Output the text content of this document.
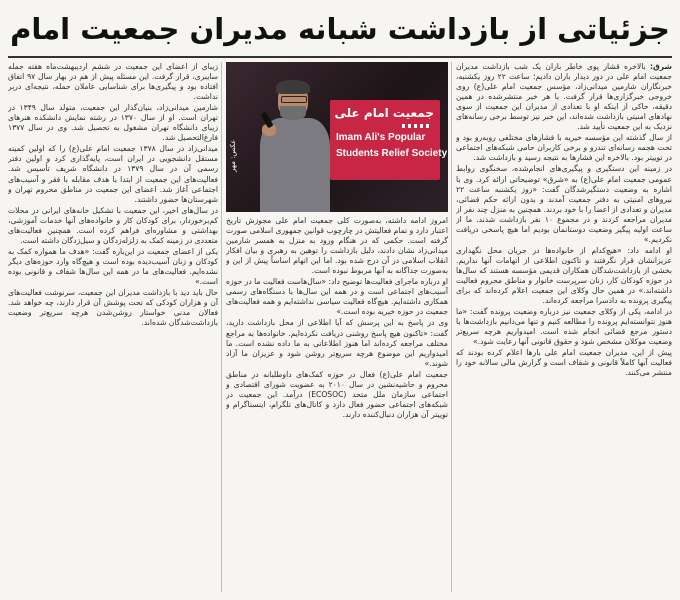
جزئیاتی از بازداشت شبانه مدیران جمعیت امام

شرق: بالاخره قشار پوی خاطر باران یک شب بازداشت مدیران جمعیت امام علی در دور دیدار باران دادیم؛ ساعت ۲۲ روز یکشنبه، خبرنگاران شارمین میدانی‌زاد، مؤسس جمعیت امام علی(ع) روی خروجی خبرگزاری‌ها قرار گرفت. با هر خبر منتشرشده در همین دقیقه، حاکی از اینکه او با تعدادی از مدیران این جمعیت از سوی نهادهای امنیتی بازداشت شده‌اند، این خبر نیز توسط برخی رسانه‌های نزدیک به این جمعیت تأیید شد.

از سال گذشته این مؤسسه خیریه با فشارهای مختلفی روبه‌رو بود و تحت هجمه رسانه‌ای تندرو و برخی کاربران حامی شبکه‌های اجتماعی در توییتر بود. بالاخره این فشارها به نتیجه رسید و بازداشت شد.

در زمینه این دستگیری و پیگیری‌های انجام‌شده، سخنگوی روابط عمومی جمعیت امام علی(ع) به «شرق» توضیحاتی ارائه کرد. وی با اشاره به وضعیت دستگیرشدگان گفت: «روز یکشنبه ساعت ۲۲ نیروهای امنیتی به دفتر جمعیت آمدند و بدون ارائه حکم قضائی، مدیران و تعدادی از اعضا را با خود بردند. همچنین به منزل چند نفر از مدیران مراجعه کردند و در مجموع ۱۰ نفر بازداشت شدند. ما از ساعت اولیه پیگیر وضعیت دوستانمان بودیم اما هیچ پاسخی دریافت نکردیم.»

او ادامه داد: «هیچ‌کدام از خانواده‌ها در جریان محل نگهداری عزیزانشان قرار نگرفتند و تاکنون اطلاعی از اتهامات آنها نداریم. بخشی از بازداشت‌شدگان همکاران قدیمی مؤسسه هستند که سال‌ها در حوزه کودکان کار، زنان سرپرست خانوار و مناطق محروم فعالیت داشته‌اند.» در همین حال وکلای این جمعیت اعلام کرده‌اند که برای پیگیری پرونده به دادسرا مراجعه کرده‌اند.

در ادامه، یکی از وکلای جمعیت نیز درباره وضعیت پرونده گفت: «ما هنوز نتوانسته‌ایم پرونده را مطالعه کنیم و تنها می‌دانیم بازداشت‌ها با دستور مرجع قضائی انجام شده است. امیدواریم هرچه سریع‌تر وضعیت موکلان مشخص شود و حقوق قانونی آنها رعایت شود.»

پیش از این، مدیران جمعیت امام علی بارها اعلام کرده بودند که فعالیت آنها کاملاً قانونی و شفاف است و گزارش مالی سالانه خود را منتشر می‌کنند.

جمعیت امام علی
Imam Ali's Popular
Students Relief Society
عکس: مهر

امروز ادامه داشته، به‌صورت کلی جمعیت امام علی مجوزش تاریخ اعتبار دارد و تمام فعالیتش در چارچوب قوانین جمهوری اسلامی صورت گرفته است. حکمی که در هنگام ورود به منزل به همسر شارمین میدانی‌زاد نشان دادند، دلیل بازداشت را توهین به رهبری و بیان افکار انقلاب اسلامی در آن درج شده بود. اما این اتهام اساساً پیش از این و به‌صورت جداگانه به آنها مربوط نبوده است.

او درباره ماجرای فعالیت‌ها توضیح داد: «سال‌هاست فعالیت ما در حوزه آسیب‌های اجتماعی است و در همه این سال‌ها با دستگاه‌های رسمی همکاری داشته‌ایم. هیچ‌گاه فعالیت سیاسی نداشته‌ایم و همه فعالیت‌های جمعیت در حوزه خیریه بوده است.»

وی در پاسخ به این پرسش که آیا اطلاعی از محل بازداشت دارید، گفت: «تاکنون هیچ پاسخ روشنی دریافت نکرده‌ایم. خانواده‌ها به مراجع مختلف مراجعه کرده‌اند اما هنوز اطلاعاتی به ما داده نشده است. ما امیدواریم این موضوع هرچه سریع‌تر روشن شود و عزیزان ما آزاد شوند.»

جمعیت امام علی(ع) فعال در حوزه کمک‌های داوطلبانه در مناطق محروم و حاشیه‌نشین در سال ۲۰۱۰ به عضویت شورای اقتصادی و اجتماعی سازمان ملل متحد (ECOSOC) درآمد. این جمعیت در شبکه‌های اجتماعی حضور فعال دارد و کانال‌های تلگرام، اینستاگرام و توییتر آن هزاران دنبال‌کننده دارند.

زیبای از اعضای این جمعیت در ششم اردیبهشت‌ماه هفته جمله سایبری، قرار گرفت. این مسئله پیش از هم در بهار سال ۹۷ اتفاق افتاده بود و پیگیری‌ها برای شناسایی عاملان حمله، نتیجه‌ای دربر نداشت.

شارمین میدانی‌زاد، بنیان‌گذار این جمعیت، متولد سال ۱۳۴۹ در تهران است. او از سال ۱۳۷۰ در رشته نمایش دانشکده هنرهای زیبای دانشگاه تهران مشغول به تحصیل شد. وی در سال ۱۳۷۷ فارغ‌التحصیل شد.

میدانی‌زاد در سال ۱۳۷۸ جمعیت امام علی(ع) را که اولین کمیته مستقل دانشجویی در ایران است، پایه‌گذاری کرد و اولین دفتر رسمی آن در سال ۱۳۷۹ در دانشگاه شریف تأسیس شد. فعالیت‌های این جمعیت از ابتدا با هدف مقابله با فقر و آسیب‌های اجتماعی آغاز شد. اعضای این جمعیت در مناطق محروم تهران و شهرستان‌ها حضور داشتند.

در سال‌های اخیر، این جمعیت با تشکیل خانه‌های ایرانی در محلات کم‌برخوردار، برای کودکان کار و خانواده‌های آنها خدمات آموزشی، بهداشتی و مشاوره‌ای فراهم کرده است. همچنین فعالیت‌های متعددی در زمینه کمک به زلزله‌زدگان و سیل‌زدگان داشته است.

یکی از اعضای جمعیت در این‌باره گفت: «هدف ما همواره کمک به کودکان و زنان آسیب‌دیده بوده است و هیچ‌گاه وارد حوزه‌های دیگر نشده‌ایم. فعالیت‌های ما در همه این سال‌ها شفاف و قانونی بوده است.»

حال باید دید با بازداشت مدیران این جمعیت، سرنوشت فعالیت‌های آن و هزاران کودکی که تحت پوشش آن قرار دارند، چه خواهد شد. فعالان مدنی خواستار روشن‌شدن هرچه سریع‌تر وضعیت بازداشت‌شدگان شده‌اند.
